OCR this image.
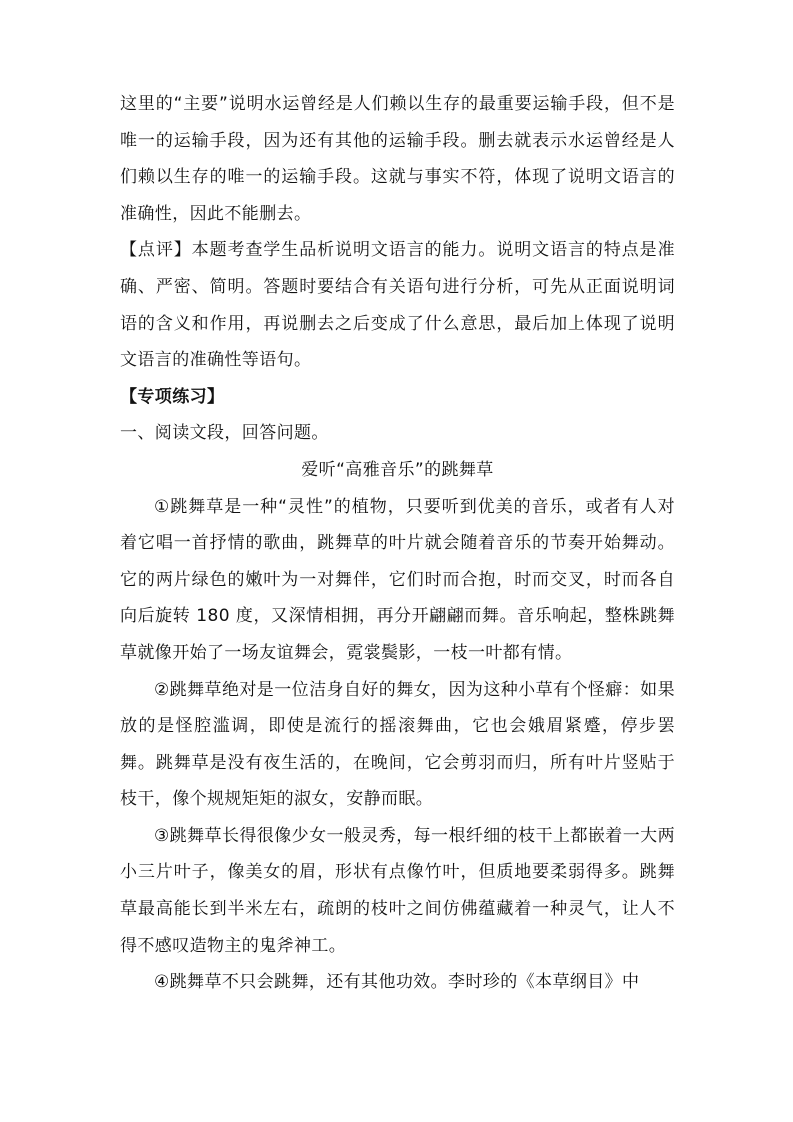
这里的“主要”说明水运曾经是人们赖以生存的最重要运输手段，但不是唯一的运输手段，因为还有其他的运输手段。删去就表示水运曾经是人们赖以生存的唯一的运输手段。这就与事实不符，体现了说明文语言的准确性，因此不能删去。

【点评】本题考查学生品析说明文语言的能力。说明文语言的特点是准确、严密、简明。答题时要结合有关语句进行分析，可先从正面说明词语的含义和作用，再说删去之后变成了什么意思，最后加上体现了说明文语言的准确性等语句。

【专项练习】

一、阅读文段，回答问题。

爱听“高雅音乐”的跳舞草

①跳舞草是一种“灵性”的植物，只要听到优美的音乐，或者有人对着它唱一首抒情的歌曲，跳舞草的叶片就会随着音乐的节奏开始舞动。它的两片绿色的嫩叶为一对舞伴，它们时而合抱，时而交叉，时而各自向后旋转 180 度，又深情相拥，再分开翩翩而舞。音乐响起，整株跳舞草就像开始了一场友谊舞会，霓裳鬓影，一枝一叶都有情。

②跳舞草绝对是一位洁身自好的舞女，因为这种小草有个怪癖：如果放的是怪腔滥调，即使是流行的摇滚舞曲，它也会娥眉紧蹙，停步罢舞。跳舞草是没有夜生活的，在晚间，它会剪羽而归，所有叶片竖贴于枝干，像个规规矩矩的淑女，安静而眠。

③跳舞草长得很像少女一般灵秀，每一根纤细的枝干上都嵌着一大两小三片叶子，像美女的眉，形状有点像竹叶，但质地要柔弱得多。跳舞草最高能长到半米左右，疏朗的枝叶之间仿佛蕴藏着一种灵气，让人不得不感叹造物主的鬼斧神工。

④跳舞草不只会跳舞，还有其他功效。李时珍的《本草纲目》中
